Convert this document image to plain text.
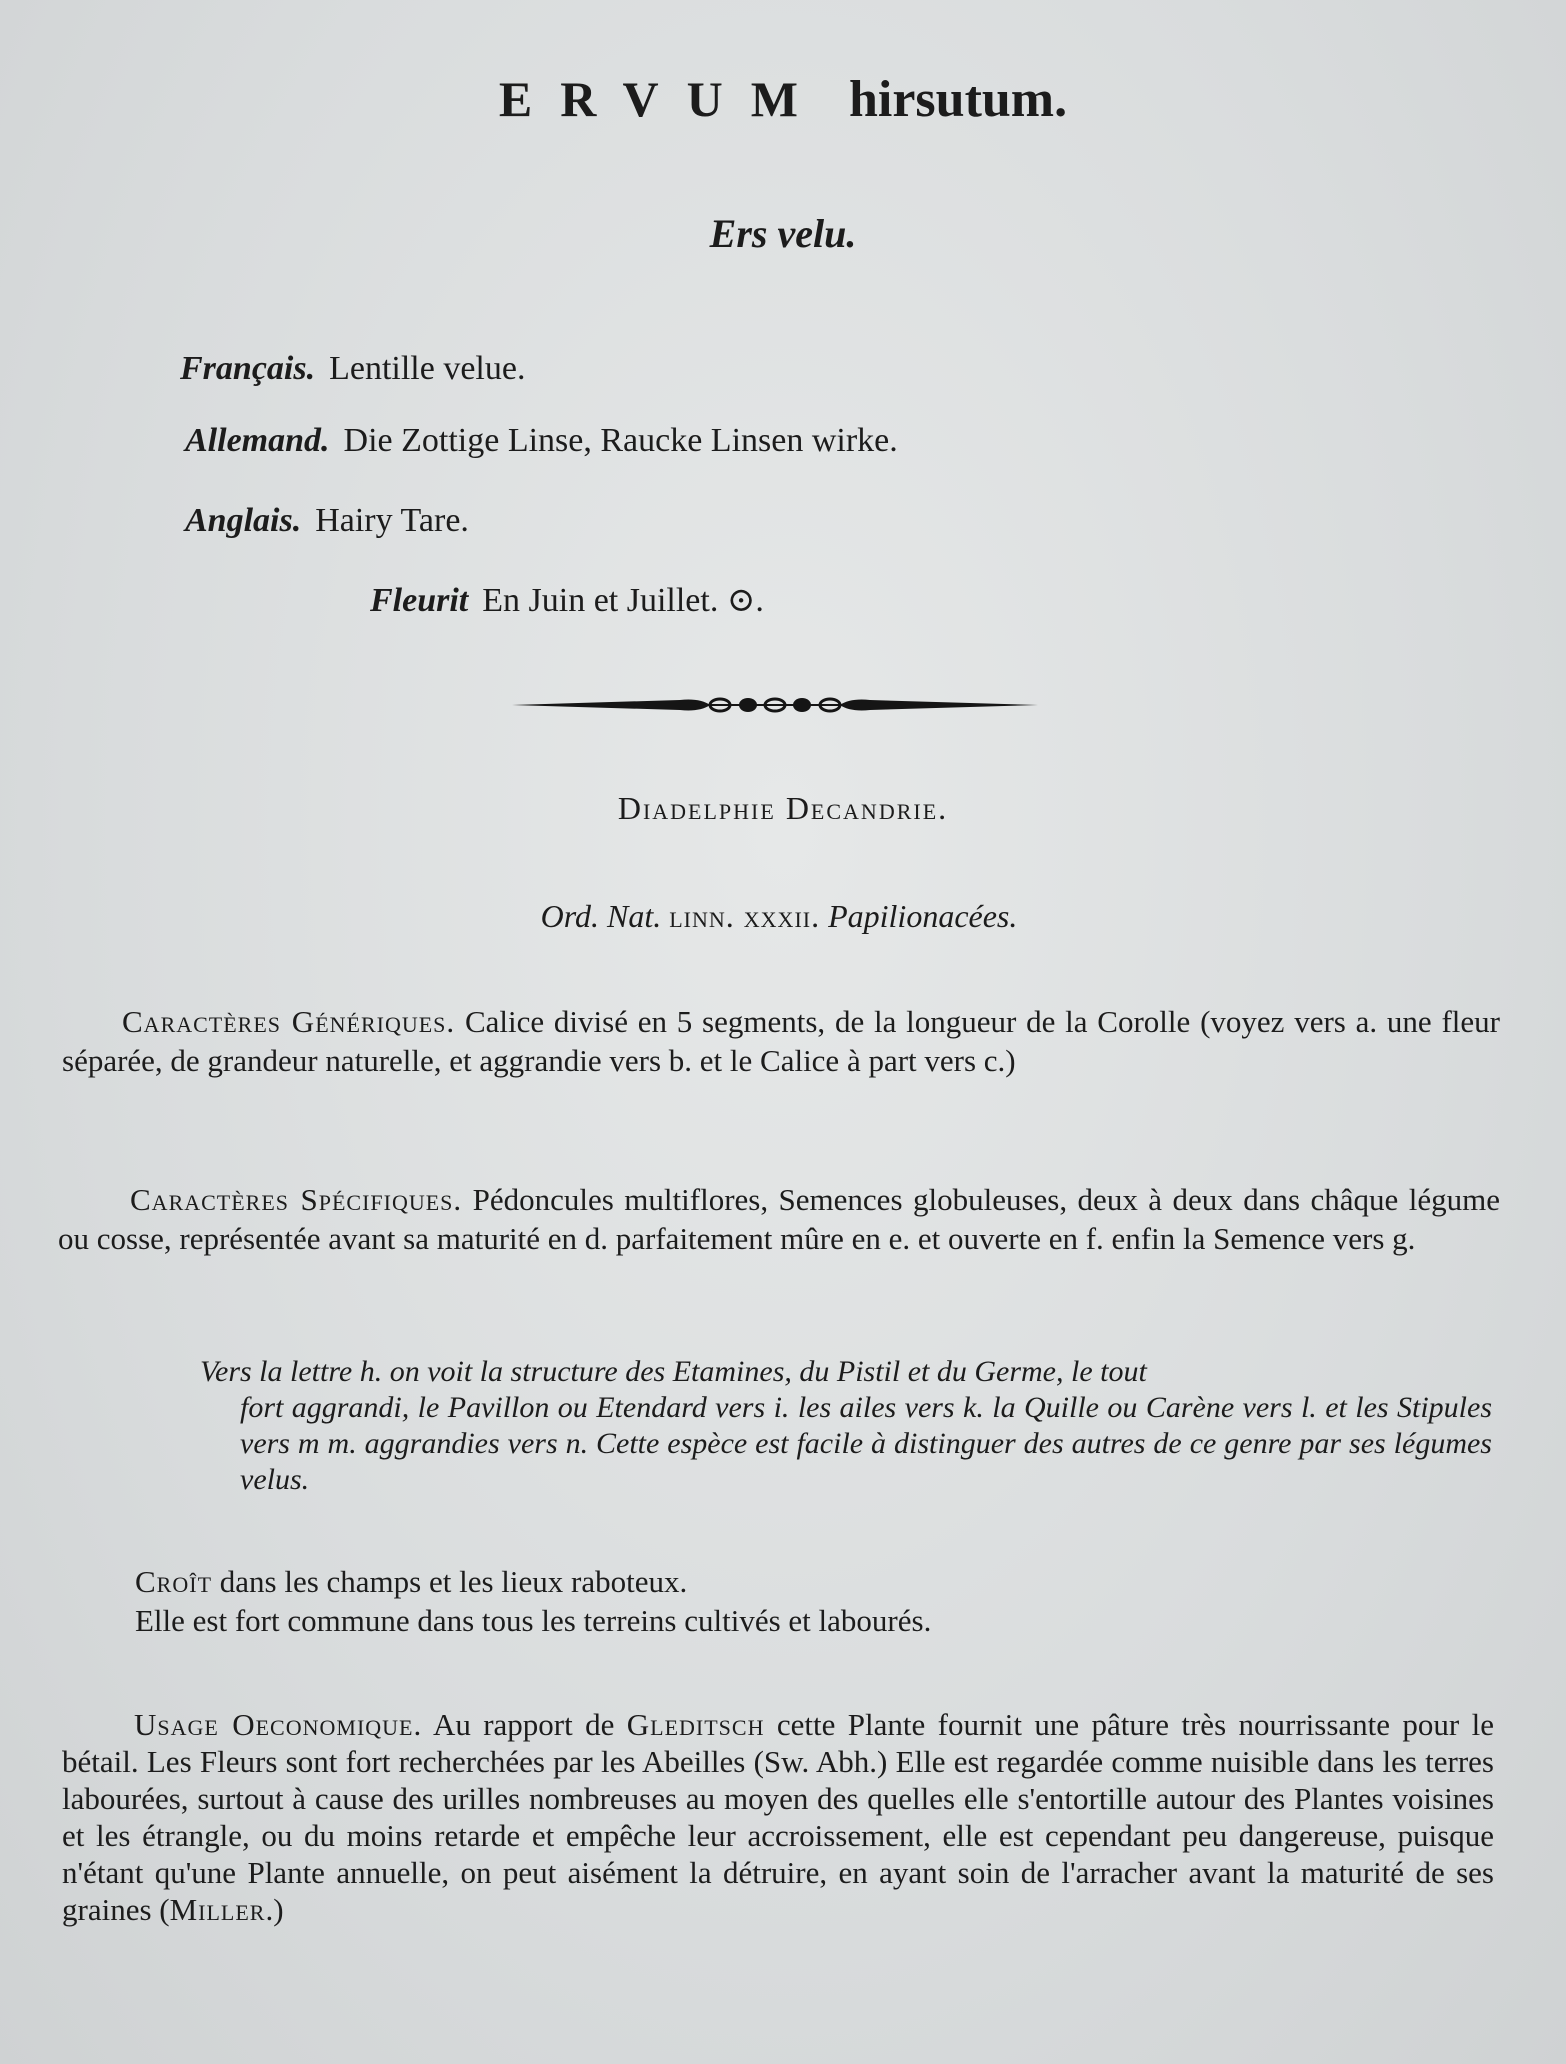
ERVUM hirsutum.
Ers velu.
Français. Lentille velue.
Allemand. Die Zottige Linse, Raucke Linsen wirke.
Anglais. Hairy Tare.
Fleurit En Juin et Juillet. ⊙.
Diadelphie Decandrie.
Ord. Nat. linn. xxxii. Papilionacées.
Caractères Génériques. Calice divisé en 5 segments, de la longueur de la Corolle (voyez vers a. une fleur séparée, de grandeur naturelle, et aggrandie vers b. et le Calice à part vers c.)
Caractères Spécifiques. Pédoncules multiflores, Semences globuleuses, deux à deux dans châque légume ou cosse, représentée avant sa maturité en d. parfaitement mûre en e. et ouverte en f. enfin la Semence vers g.
Vers la lettre h. on voit la structure des Etamines, du Pistil et du Germe, le tout
fort aggrandi, le Pavillon ou Etendard vers i. les ailes vers k. la Quille ou Carène vers l. et les Stipules vers m m. aggrandies vers n. Cette espèce est facile à distinguer des autres de ce genre par ses légumes velus.
Croît dans les champs et les lieux raboteux.
Elle est fort commune dans tous les terreins cultivés et labourés.
Usage Oeconomique. Au rapport de Gleditsch cette Plante fournit une pâture très nourrissante pour le bétail. Les Fleurs sont fort recherchées par les Abeilles (Sw. Abh.) Elle est regardée comme nuisible dans les terres labourées, surtout à cause des urilles nombreuses au moyen des quelles elle s'entortille autour des Plantes voisines et les étrangle, ou du moins retarde et empêche leur accroissement, elle est cependant peu dangereuse, puisque n'étant qu'une Plante annuelle, on peut aisément la détruire, en ayant soin de l'arracher avant la maturité de ses graines (Miller.)
